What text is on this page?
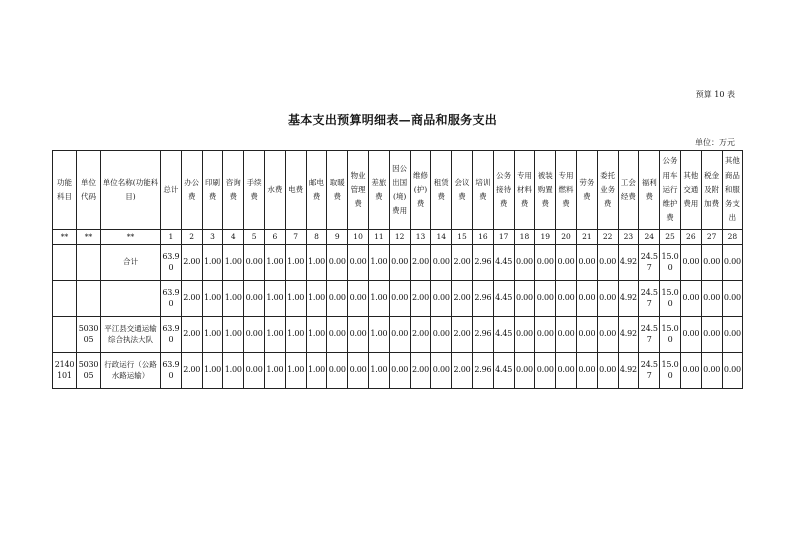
预算 10 表
基本支出预算明细表—商品和服务支出
单位：万元
功能科目	单位代码	单位名称(功能科目)	总计	办公费	印刷费	咨询费	手续费	水费	电费	邮电费	取暖费	物业管理费	差旅费	因公出国(境)费用	维修(护)费	租赁费	会议费	培训费	公务接待费	专用材料费	被装购置费	专用燃料费	劳务费	委托业务费	工会经费	福利费	公务用车运行维护费	其他交通费用	税金及附加费	其他商品和服务支出
**	**	**	1	2	3	4	5	6	7	8	9	10	11	12	13	14	15	16	17	18	19	20	21	22	23	24	25	26	27	28
		合计	63.90	2.00	1.00	1.00	0.00	1.00	1.00	1.00	0.00	0.00	1.00	0.00	2.00	0.00	2.00	2.96	4.45	0.00	0.00	0.00	0.00	0.00	4.92	24.57	15.00	0.00	0.00	0.00
			63.90	2.00	1.00	1.00	0.00	1.00	1.00	1.00	0.00	0.00	1.00	0.00	2.00	0.00	2.00	2.96	4.45	0.00	0.00	0.00	0.00	0.00	4.92	24.57	15.00	0.00	0.00	0.00
	503005	平江县交通运输综合执法大队	63.90	2.00	1.00	1.00	0.00	1.00	1.00	1.00	0.00	0.00	1.00	0.00	2.00	0.00	2.00	2.96	4.45	0.00	0.00	0.00	0.00	0.00	4.92	24.57	15.00	0.00	0.00	0.00
2140101	503005	行政运行（公路水路运输）	63.90	2.00	1.00	1.00	0.00	1.00	1.00	1.00	0.00	0.00	1.00	0.00	2.00	0.00	2.00	2.96	4.45	0.00	0.00	0.00	0.00	0.00	4.92	24.57	15.00	0.00	0.00	0.00
